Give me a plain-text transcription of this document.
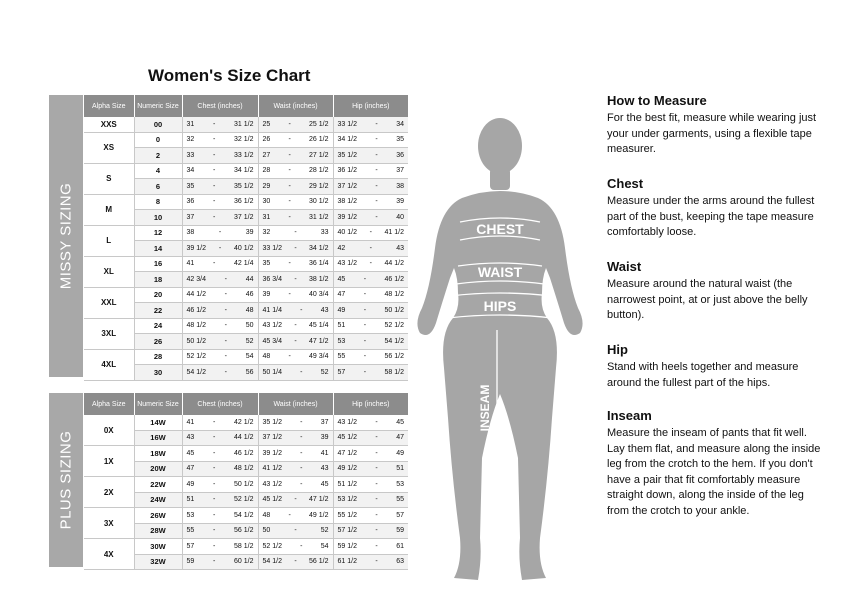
Women's Size Chart
MISSY SIZING
Alpha Size	Numeric Size	Chest (inches)	Waist (inches)	Hip (inches)
XXS	00	31 - 31 1/2	25 - 25 1/2	33 1/2 - 34

XS	0	32 - 32 1/2	26 - 26 1/2	34 1/2 - 35

	2	33 - 33 1/2	27 - 27 1/2	35 1/2 - 36

S	4	34 - 34 1/2	28 - 28 1/2	36 1/2 - 37

	6	35 - 35 1/2	29 - 29 1/2	37 1/2 - 38

M	8	36 - 36 1/2	30 - 30 1/2	38 1/2 - 39

	10	37 - 37 1/2	31 - 31 1/2	39 1/2 - 40

L	12	38 - 39	32 - 33	40 1/2 - 41 1/2

	14	39 1/2 - 40 1/2	33 1/2 - 34 1/2	42 - 43

XL	16	41 - 42 1/4	35 - 36 1/4	43 1/2 - 44 1/2

	18	42 3/4 - 44	36 3/4 - 38 1/2	45 - 46 1/2

XXL	20	44 1/2 - 46	39 - 40 3/4	47 - 48 1/2

	22	46 1/2 - 48	41 1/4 - 43	49 - 50 1/2

3XL	24	48 1/2 - 50	43 1/2 - 45 1/4	51 - 52 1/2

	26	50 1/2 - 52	45 3/4 - 47 1/2	53 - 54 1/2

4XL	28	52 1/2 - 54	48 - 49 3/4	55 - 56 1/2

	30	54 1/2 - 56	50 1/4 - 52	57 - 58 1/2
PLUS SIZING
Alpha Size	Numeric Size	Chest (inches)	Waist (inches)	Hip (inches)
0X	14W	41 - 42 1/2	35 1/2 - 37	43 1/2 - 45

	16W	43 - 44 1/2	37 1/2 - 39	45 1/2 - 47

1X	18W	45 - 46 1/2	39 1/2 - 41	47 1/2 - 49

	20W	47 - 48 1/2	41 1/2 - 43	49 1/2 - 51

2X	22W	49 - 50 1/2	43 1/2 - 45	51 1/2 - 53

	24W	51 - 52 1/2	45 1/2 - 47 1/2	53 1/2 - 55

3X	26W	53 - 54 1/2	48 - 49 1/2	55 1/2 - 57

	28W	55 - 56 1/2	50 - 52	57 1/2 - 59

4X	30W	57 - 58 1/2	52 1/2 - 54	59 1/2 - 61

	32W	59 - 60 1/2	54 1/2 - 56 1/2	61 1/2 - 63
CHEST
WAIST
HIPS
INSEAM
How to Measure

For the best fit, measure while wearing just your under garments, using a flexible tape measurer.

Chest

Measure under the arms around the fullest part of the bust, keeping the tape measure comfortably loose.

Waist

Measure around the natural waist (the narrowest point, at or just above the belly button).

Hip

Stand with heels together and measure around the fullest part of the hips.

Inseam

Measure the inseam of pants that fit well. Lay them flat, and measure along the inside leg from the crotch to the hem. If you don't have a pair that fit comfortably measure straight down, along the inside of the leg from the crotch to your ankle.
